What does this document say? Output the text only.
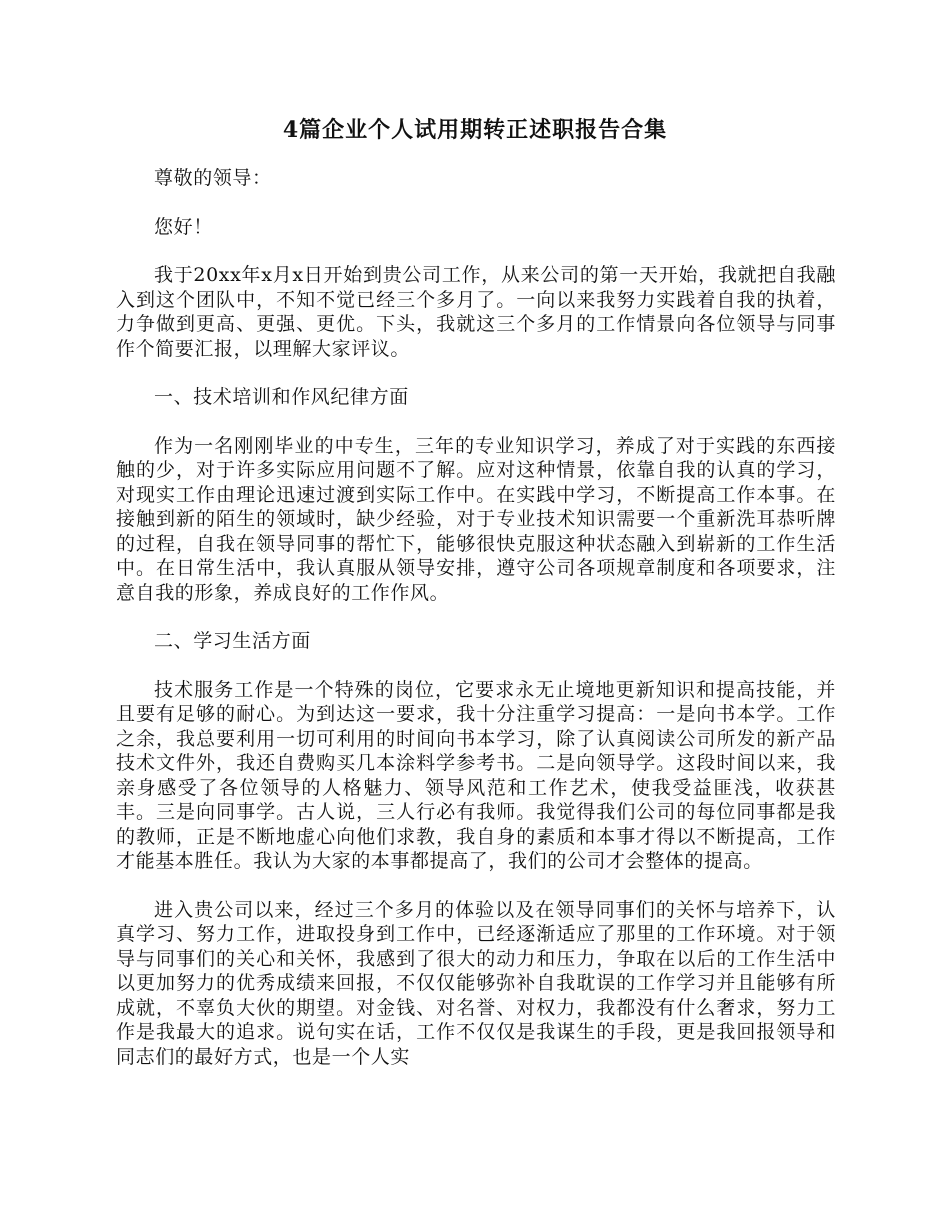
4篇企业个人试用期转正述职报告合集

尊敬的领导：

您好！

我于20xx年x月x日开始到贵公司工作，从来公司的第一天开始，我就把自我融入到这个团队中，不知不觉已经三个多月了。一向以来我努力实践着自我的执着，力争做到更高、更强、更优。下头，我就这三个多月的工作情景向各位领导与同事作个简要汇报，以理解大家评议。

一、技术培训和作风纪律方面

作为一名刚刚毕业的中专生，三年的专业知识学习，养成了对于实践的东西接触的少，对于许多实际应用问题不了解。应对这种情景，依靠自我的认真的学习，对现实工作由理论迅速过渡到实际工作中。在实践中学习，不断提高工作本事。在接触到新的陌生的领域时，缺少经验，对于专业技术知识需要一个重新洗耳恭听牌的过程，自我在领导同事的帮忙下，能够很快克服这种状态融入到崭新的工作生活中。在日常生活中，我认真服从领导安排，遵守公司各项规章制度和各项要求，注意自我的形象，养成良好的工作作风。

二、学习生活方面

技术服务工作是一个特殊的岗位，它要求永无止境地更新知识和提高技能，并且要有足够的耐心。为到达这一要求，我十分注重学习提高：一是向书本学。工作之余，我总要利用一切可利用的时间向书本学习，除了认真阅读公司所发的新产品技术文件外，我还自费购买几本涂料学参考书。二是向领导学。这段时间以来，我亲身感受了各位领导的人格魅力、领导风范和工作艺术，使我受益匪浅，收获甚丰。三是向同事学。古人说，三人行必有我师。我觉得我们公司的每位同事都是我的教师，正是不断地虚心向他们求教，我自身的素质和本事才得以不断提高，工作才能基本胜任。我认为大家的本事都提高了，我们的公司才会整体的提高。

进入贵公司以来，经过三个多月的体验以及在领导同事们的关怀与培养下，认真学习、努力工作，进取投身到工作中，已经逐渐适应了那里的工作环境。对于领导与同事们的关心和关怀，我感到了很大的动力和压力，争取在以后的工作生活中以更加努力的优秀成绩来回报，不仅仅能够弥补自我耽误的工作学习并且能够有所成就，不辜负大伙的期望。对金钱、对名誉、对权力，我都没有什么奢求，努力工作是我最大的追求。说句实在话，工作不仅仅是我谋生的手段，更是我回报领导和同志们的最好方式，也是一个人实
